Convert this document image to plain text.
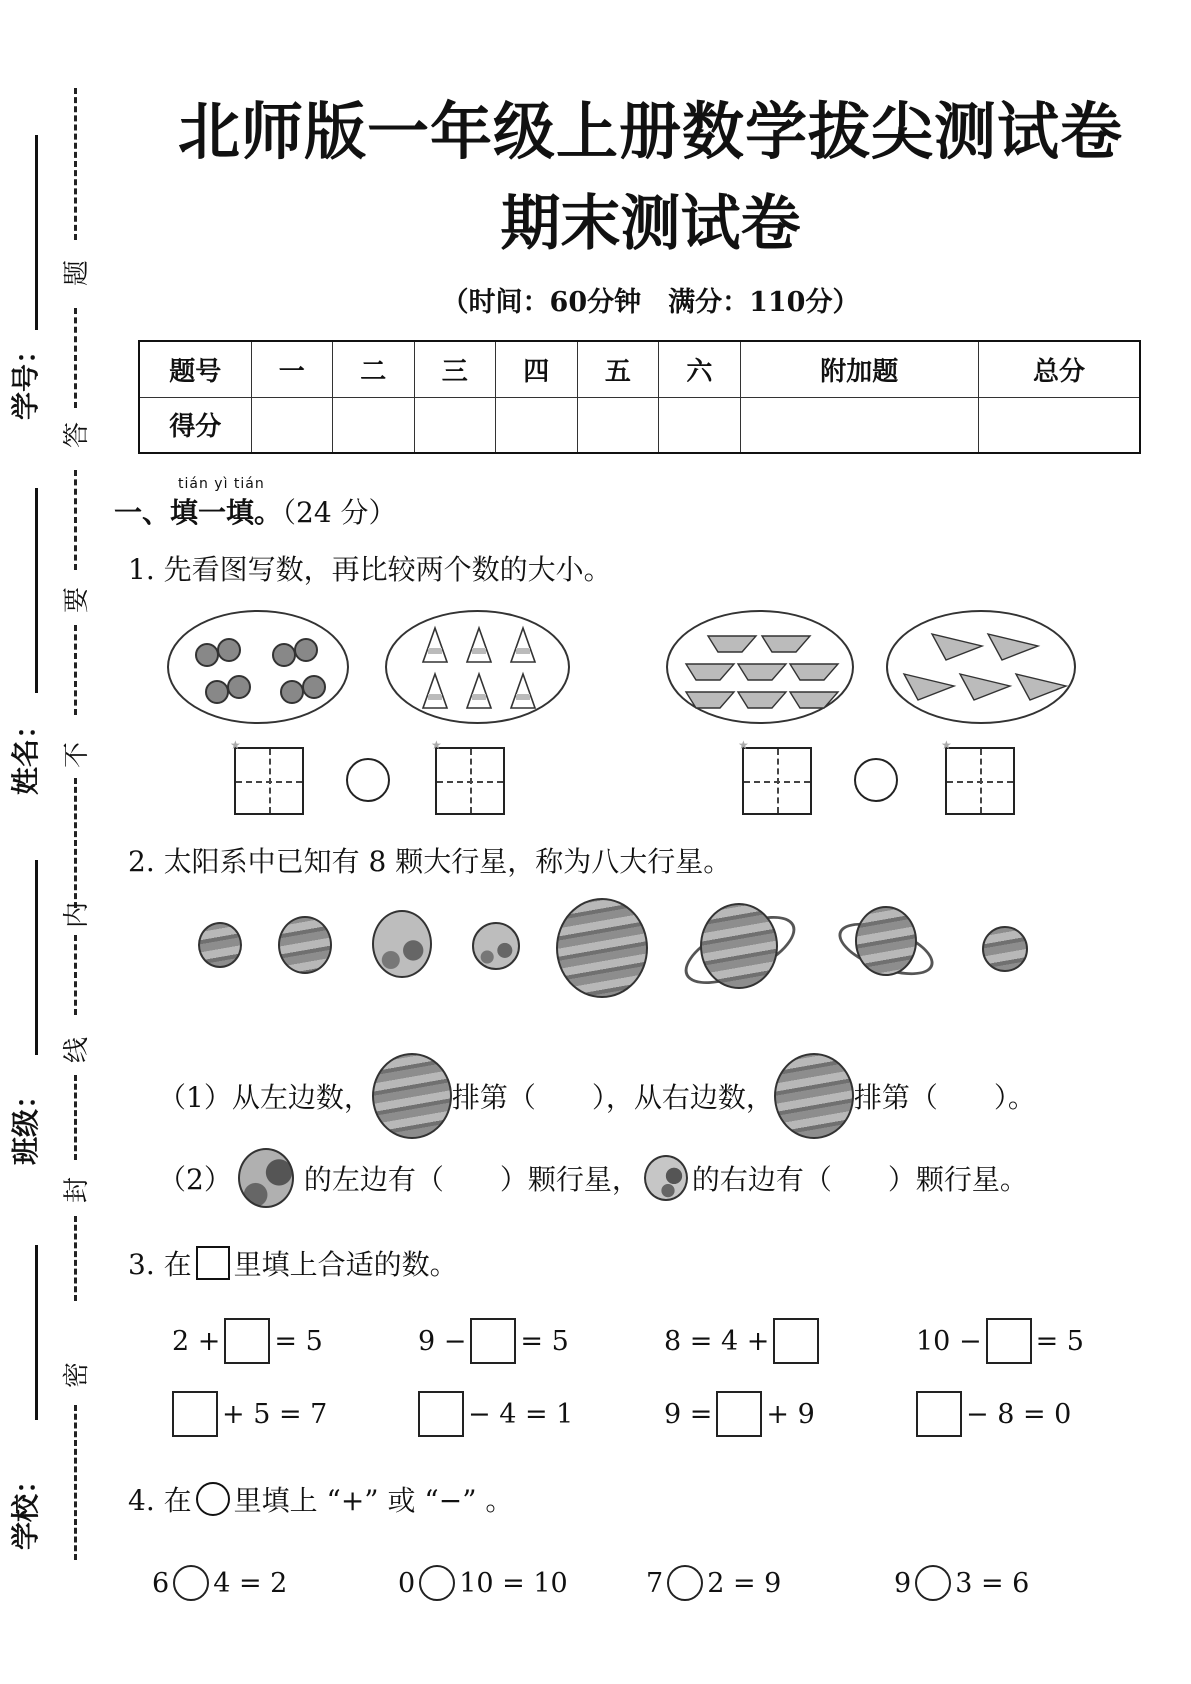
题
答
要
不
内
线
封
密
学号：
姓名：
班级：
学校：
北师版一年级上册数学拔尖测试卷
期末测试卷
（时间：60分钟　满分：110分）
题号	一	二	三	四	五	六	附加题	总分
得分								
tián yì tián
一、填一填。（24 分）
1. 先看图写数，再比较两个数的大小。
★	★	★	★
2. 太阳系中已知有 8 颗大行星，称为八大行星。
（1）从左边数，	排第（　　），从右边数，	排第（　　）。
（2）	的左边有（　　）颗行星， 的右边有（　　）颗行星。
3. 在 里填上合适的数。
2 + = 5	9 − = 5	8 = 4 +	10 − = 5
+ 5 = 7	− 4 = 1	9 = + 9	− 8 = 0
4. 在 里填上 “+” 或 “−” 。
6 4 = 2	0 10 = 10	7 2 = 9	9 3 = 6
